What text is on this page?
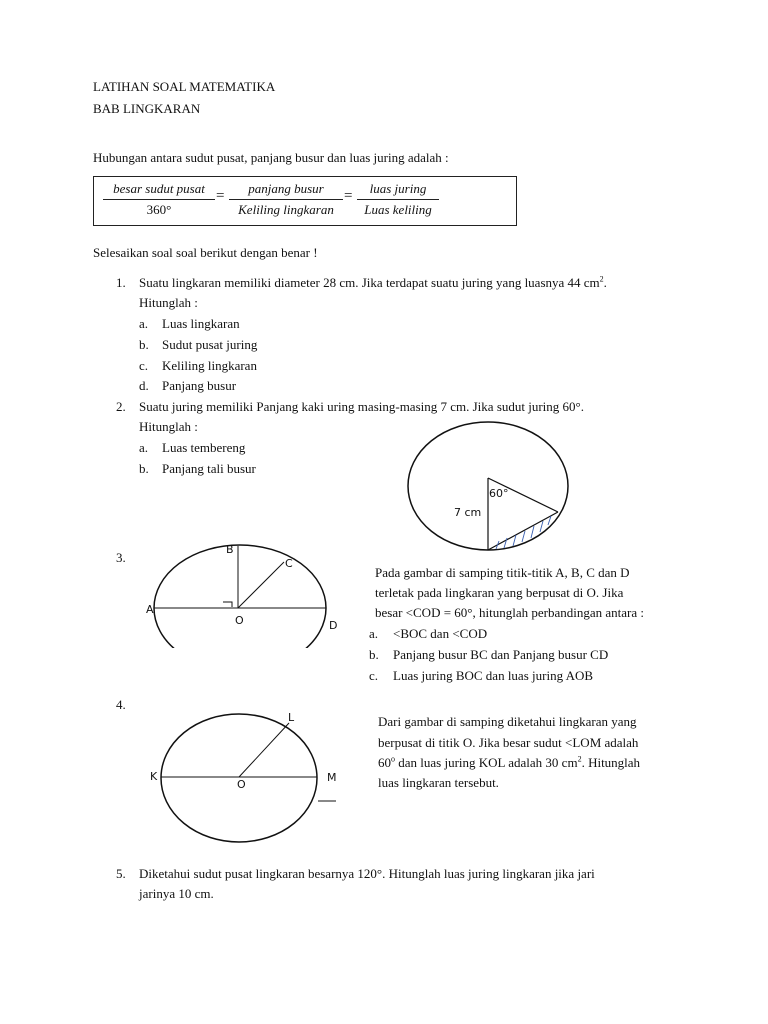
LATIHAN SOAL MATEMATIKA
BAB LINGKARAN
Hubungan antara sudut pusat, panjang busur dan luas juring adalah :
besar sudut pusat
360°
=	panjang busur
Keliling lingkaran
=	luas juring
Luas keliling
Selesaikan soal soal berikut dengan benar !
1. Suatu lingkaran memiliki diameter 28 cm. Jika terdapat suatu juring yang luasnya 44 $cm^2$.
Hitunglah :
a. Luas lingkaran
b. Sudut pusat juring
c. Keliling lingkaran
d. Panjang busur
2. Suatu juring memiliki Panjang kaki uring masing-masing 7 cm. Jika sudut juring 60°.
Hitunglah :
a. Luas tembereng
b. Panjang tali busur
60°
7 cm
3.
A
B
C
D
O
Pada gambar di samping titik-titik A, B, C dan D
terletak pada lingkaran yang berpusat di O. Jika
besar <COD = 60°, hitunglah perbandingan antara :
a. <BOC dan <COD
b. Panjang busur BC dan Panjang busur CD
c. Luas juring BOC dan luas juring AOB
4.
K
L
M
O
Dari gambar di samping diketahui lingkaran yang
berpusat di titik O. Jika besar sudut <LOM adalah
60$^o$ dan luas juring KOL adalah 30 $cm^2$. Hitunglah
luas lingkaran tersebut.
5. Diketahui sudut pusat lingkaran besarnya 120°. Hitunglah luas juring lingkaran jika jari
jarinya 10 cm.
